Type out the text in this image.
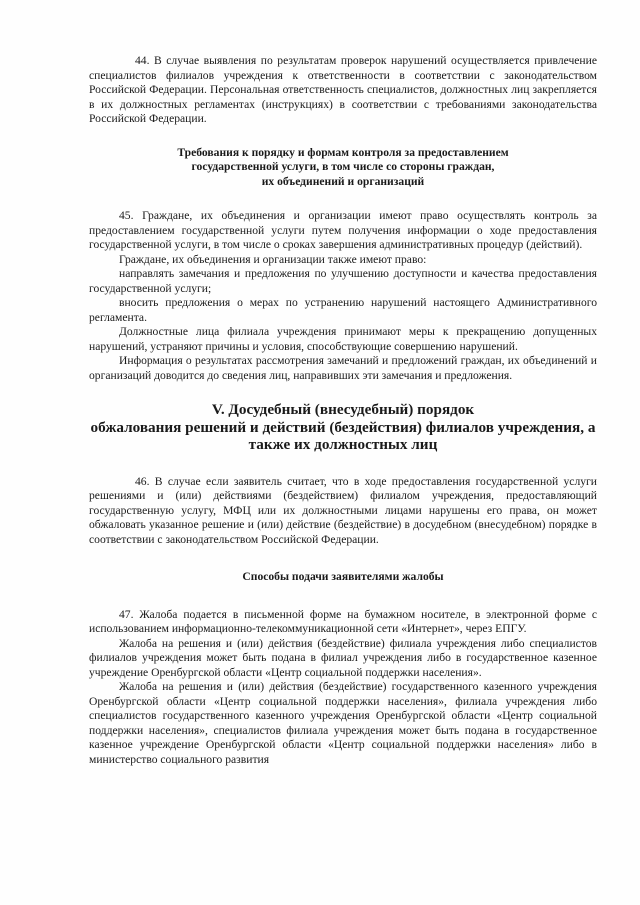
44. В случае выявления по результатам проверок нарушений осуществляется привлечение специалистов филиалов учреждения к ответственности в соответствии с законодательством Российской Федерации. Персональная ответственность специалистов, должностных лиц закрепляется в их должностных регламентах (инструкциях) в соответствии с требованиями законодательства Российской Федерации.

Требования к порядку и формам контроля за предоставлением

государственной услуги, в том числе со стороны граждан,

их объединений и организаций

45. Граждане, их объединения и организации имеют право осуществлять контроль за предоставлением государственной услуги путем получения информации о ходе предоставления государственной услуги, в том числе о сроках завершения административных процедур (действий).

Граждане, их объединения и организации также имеют право:

направлять замечания и предложения по улучшению доступности и качества предоставления государственной услуги;

вносить предложения о мерах по устранению нарушений настоящего Административного регламента.

Должностные лица филиала учреждения принимают меры к прекращению допущенных нарушений, устраняют причины и условия, способствующие совершению нарушений.

Информация о результатах рассмотрения замечаний и предложений граждан, их объединений и организаций доводится до сведения лиц, направивших эти замечания и предложения.

V. Досудебный (внесудебный) порядок

обжалования решений и действий (бездействия) филиалов учреждения, а

также их должностных лиц

46. В случае если заявитель считает, что в ходе предоставления государственной услуги решениями и (или) действиями (бездействием) филиалом учреждения, предоставляющий государственную услугу, МФЦ или их должностными лицами нарушены его права, он может обжаловать указанное решение и (или) действие (бездействие) в досудебном (внесудебном) порядке в соответствии с законодательством Российской Федерации.

Способы подачи заявителями жалобы

47. Жалоба подается в письменной форме на бумажном носителе, в электронной форме с использованием информационно-телекоммуникационной сети «Интернет», через ЕПГУ.

Жалоба на решения и (или) действия (бездействие) филиала учреждения либо специалистов филиалов учреждения может быть подана в филиал учреждения либо в государственное казенное учреждение Оренбургской области «Центр социальной поддержки населения».

Жалоба на решения и (или) действия (бездействие) государственного казенного учреждения Оренбургской области «Центр социальной поддержки населения», филиала учреждения либо специалистов государственного казенного учреждения Оренбургской области «Центр социальной поддержки населения», специалистов филиала учреждения может быть подана в государственное казенное учреждение Оренбургской области «Центр социальной поддержки населения» либо в министерство социального развития
